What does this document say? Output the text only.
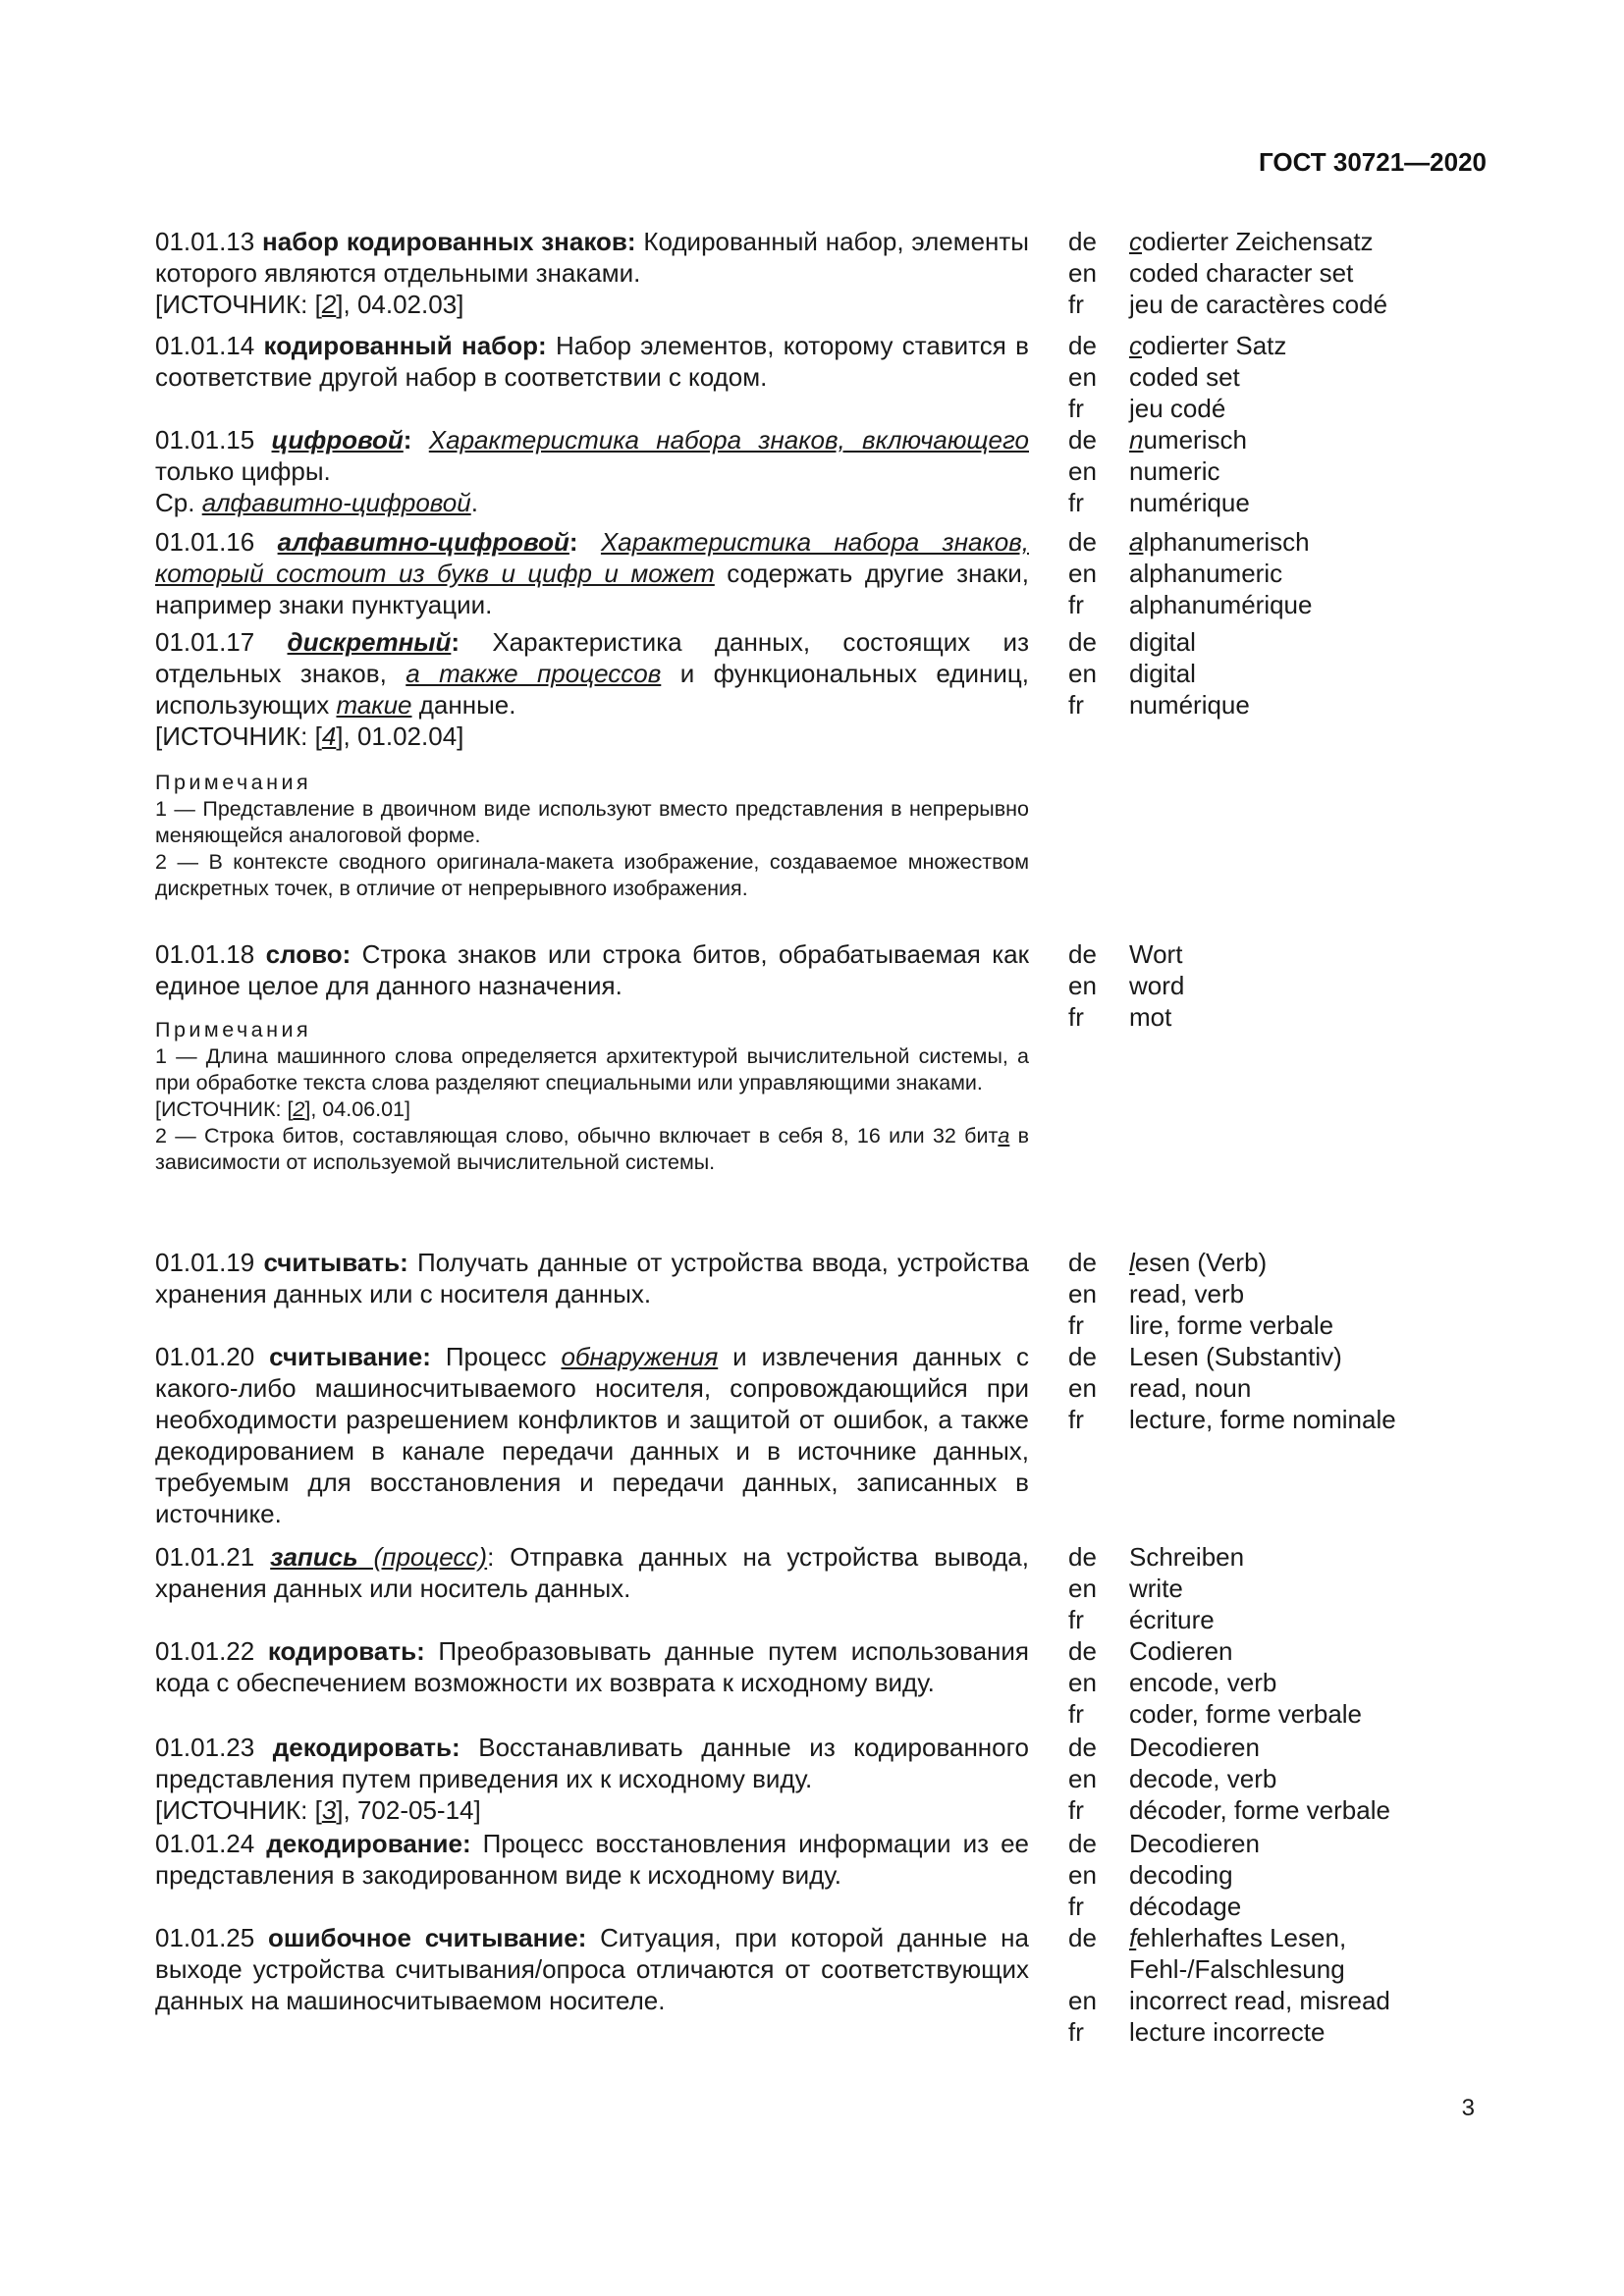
ГОСТ 30721—2020
01.01.13 набор кодированных знаков: Кодированный набор, элементы которого являются отдельными знаками.
[ИСТОЧНИК: [2], 04.02.03]
de	codierter Zeichensatz
en	coded character set
fr	jeu de caractères codé
01.01.14 кодированный набор: Набор элементов, которому ставится в соответствие другой набор в соответствии с кодом.
de	codierter Satz
en	coded set
fr	jeu codé
01.01.15 цифровой: Характеристика набора знаков, включающего только цифры.
Ср. алфавитно-цифровой.
de	numerisch
en	numeric
fr	numérique
01.01.16 алфавитно-цифровой: Характеристика набора знаков, который состоит из букв и цифр и может содержать другие знаки, например знаки пунктуации.
de	alphanumerisch
en	alphanumeric
fr	alphanumérique
01.01.17 дискретный: Характеристика данных, состоящих из отдельных знаков, а также процессов и функциональных единиц, использующих такие данные.
[ИСТОЧНИК: [4], 01.02.04]
de	digital
en	digital
fr	numérique
Примечания
1 — Представление в двоичном виде используют вместо представления в непрерывно меняющейся аналоговой форме.
2 — В контексте сводного оригинала-макета изображение, создаваемое множеством дискретных точек, в отличие от непрерывного изображения.
01.01.18 слово: Строка знаков или строка битов, обрабатываемая как единое целое для данного назначения.
de	Wort
en	word
fr	mot
Примечания
1 — Длина машинного слова определяется архитектурой вычислительной системы, а при обработке текста слова разделяют специальными или управляющими знаками.
[ИСТОЧНИК: [2], 04.06.01]
2 — Строка битов, составляющая слово, обычно включает в себя 8, 16 или 32 бита в зависимости от используемой вычислительной системы.
01.01.19 считывать: Получать данные от устройства ввода, устройства хранения данных или с носителя данных.
de	lesen (Verb)
en	read, verb
fr	lire, forme verbale
01.01.20 считывание: Процесс обнаружения и извлечения данных с какого-либо машиносчитываемого носителя, сопровождающийся при необходимости разрешением конфликтов и защитой от ошибок, а также декодированием в канале передачи данных и в источнике данных, требуемым для восстановления и передачи данных, записанных в источнике.
de	Lesen (Substantiv)
en	read, noun
fr	lecture, forme nominale
01.01.21 запись (процесс): Отправка данных на устройства вывода, хранения данных или носитель данных.
de	Schreiben
en	write
fr	écriture
01.01.22 кодировать: Преобразовывать данные путем использования кода с обеспечением возможности их возврата к исходному виду.
de	Codieren
en	encode, verb
fr	coder, forme verbale
01.01.23 декодировать: Восстанавливать данные из кодированного представления путем приведения их к исходному виду.
[ИСТОЧНИК: [3], 702-05-14]
de	Decodieren
en	decode, verb
fr	décoder, forme verbale
01.01.24 декодирование: Процесс восстановления информации из ее представления в закодированном виде к исходному виду.
de	Decodieren
en	decoding
fr	décodage
01.01.25 ошибочное считывание: Ситуация, при которой данные на выходе устройства считывания/опроса отличаются от соответствующих данных на машиносчитываемом носителе.
de	fehlerhaftes Lesen,
Fehl-/Falschlesung
en	incorrect read, misread
fr	lecture incorrecte
3
